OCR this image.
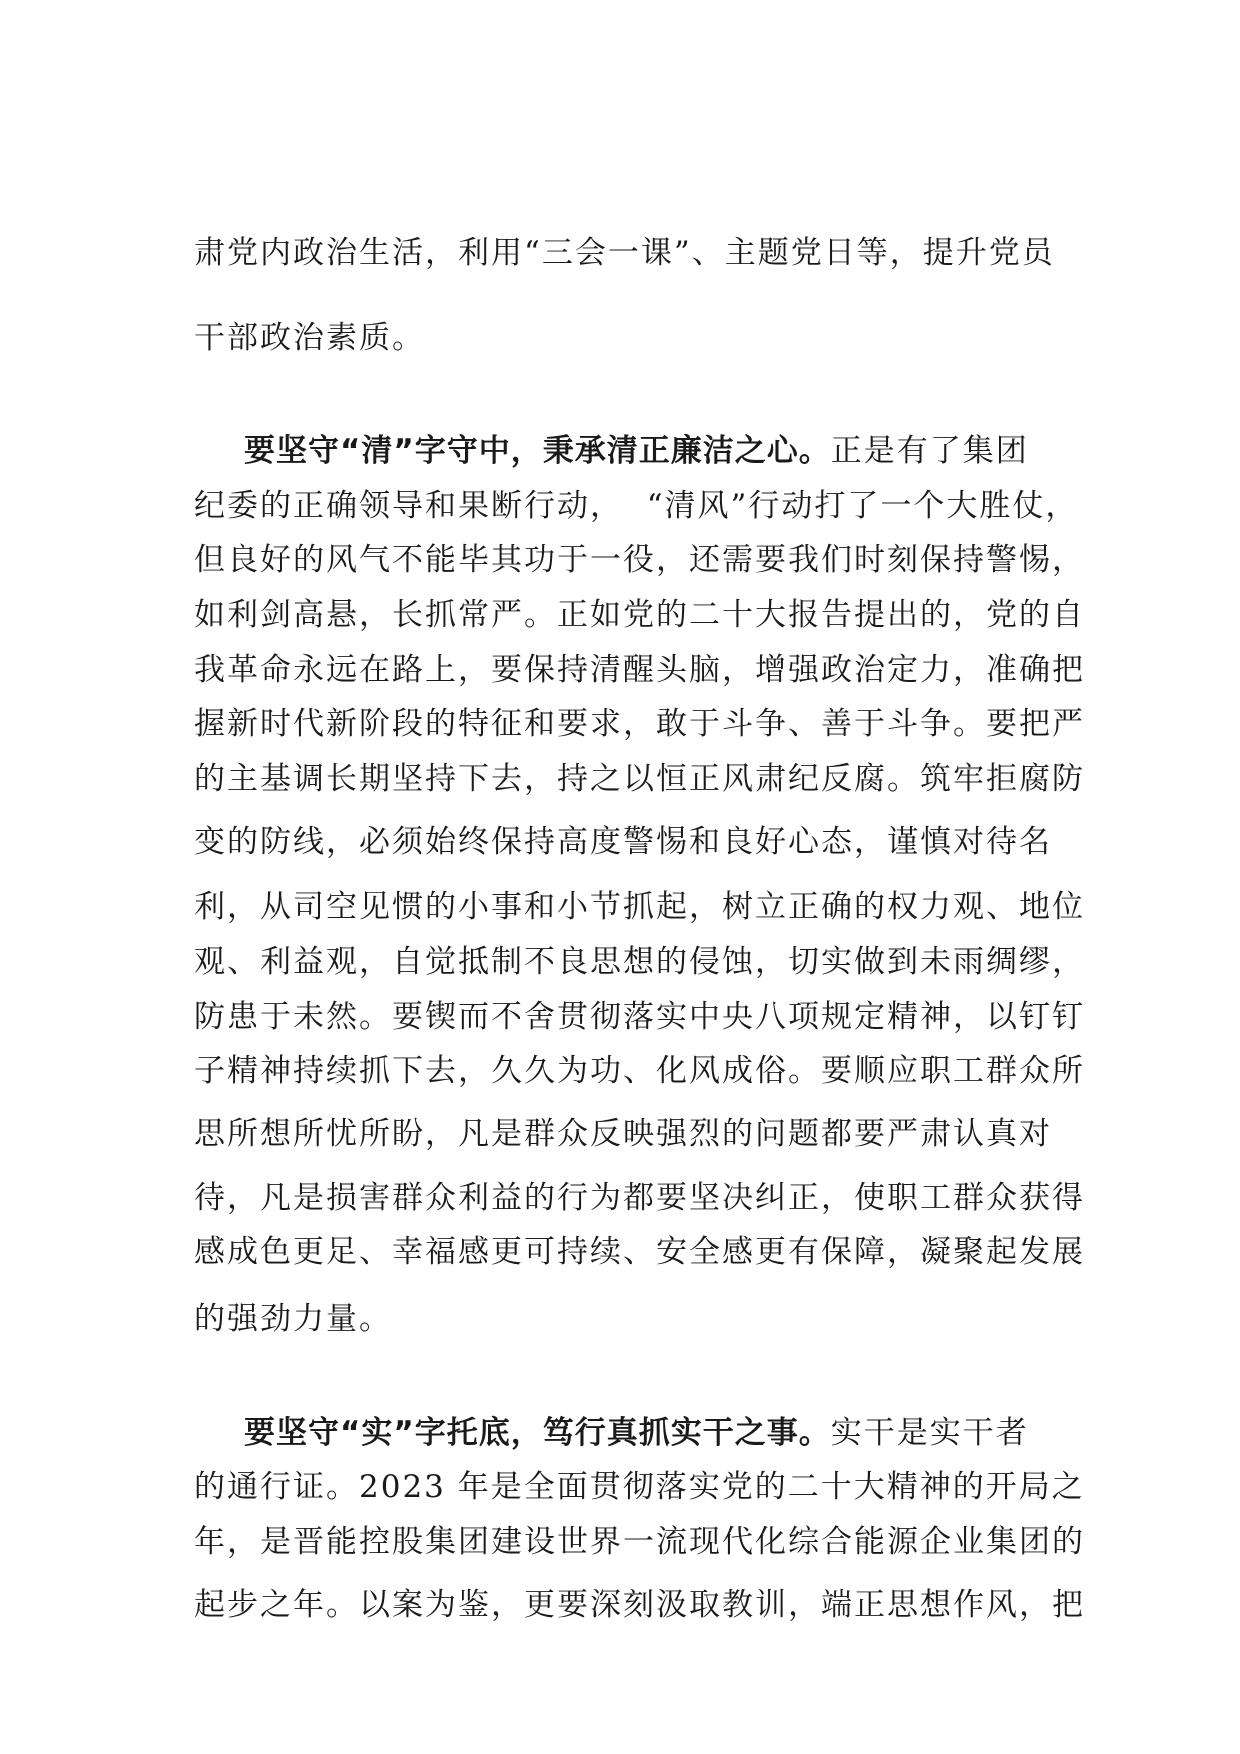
肃党内政治生活，利用“三会一课”、主题党日等，提升党员
干部政治素质。
要坚守“清”字守中，秉承清正廉洁之心。正是有了集团
纪委的正确领导和果断行动，  “清风”行动打了一个大胜仗，
但良好的风气不能毕其功于一役，还需要我们时刻保持警惕，
如利剑高悬，长抓常严。正如党的二十大报告提出的，党的自
我革命永远在路上，要保持清醒头脑，增强政治定力，准确把
握新时代新阶段的特征和要求，敢于斗争、善于斗争。要把严
的主基调长期坚持下去，持之以恒正风肃纪反腐。筑牢拒腐防
变的防线，必须始终保持高度警惕和良好心态，谨慎对待名
利，从司空见惯的小事和小节抓起，树立正确的权力观、地位
观、利益观，自觉抵制不良思想的侵蚀，切实做到未雨绸缪，
防患于未然。要锲而不舍贯彻落实中央八项规定精神，以钉钉
子精神持续抓下去，久久为功、化风成俗。要顺应职工群众所
思所想所忧所盼，凡是群众反映强烈的问题都要严肃认真对
待，凡是损害群众利益的行为都要坚决纠正，使职工群众获得
感成色更足、幸福感更可持续、安全感更有保障，凝聚起发展
的强劲力量。
要坚守“实”字托底，笃行真抓实干之事。实干是实干者
的通行证。2023 年是全面贯彻落实党的二十大精神的开局之
年，是晋能控股集团建设世界一流现代化综合能源企业集团的
起步之年。以案为鉴，更要深刻汲取教训，端正思想作风，把
